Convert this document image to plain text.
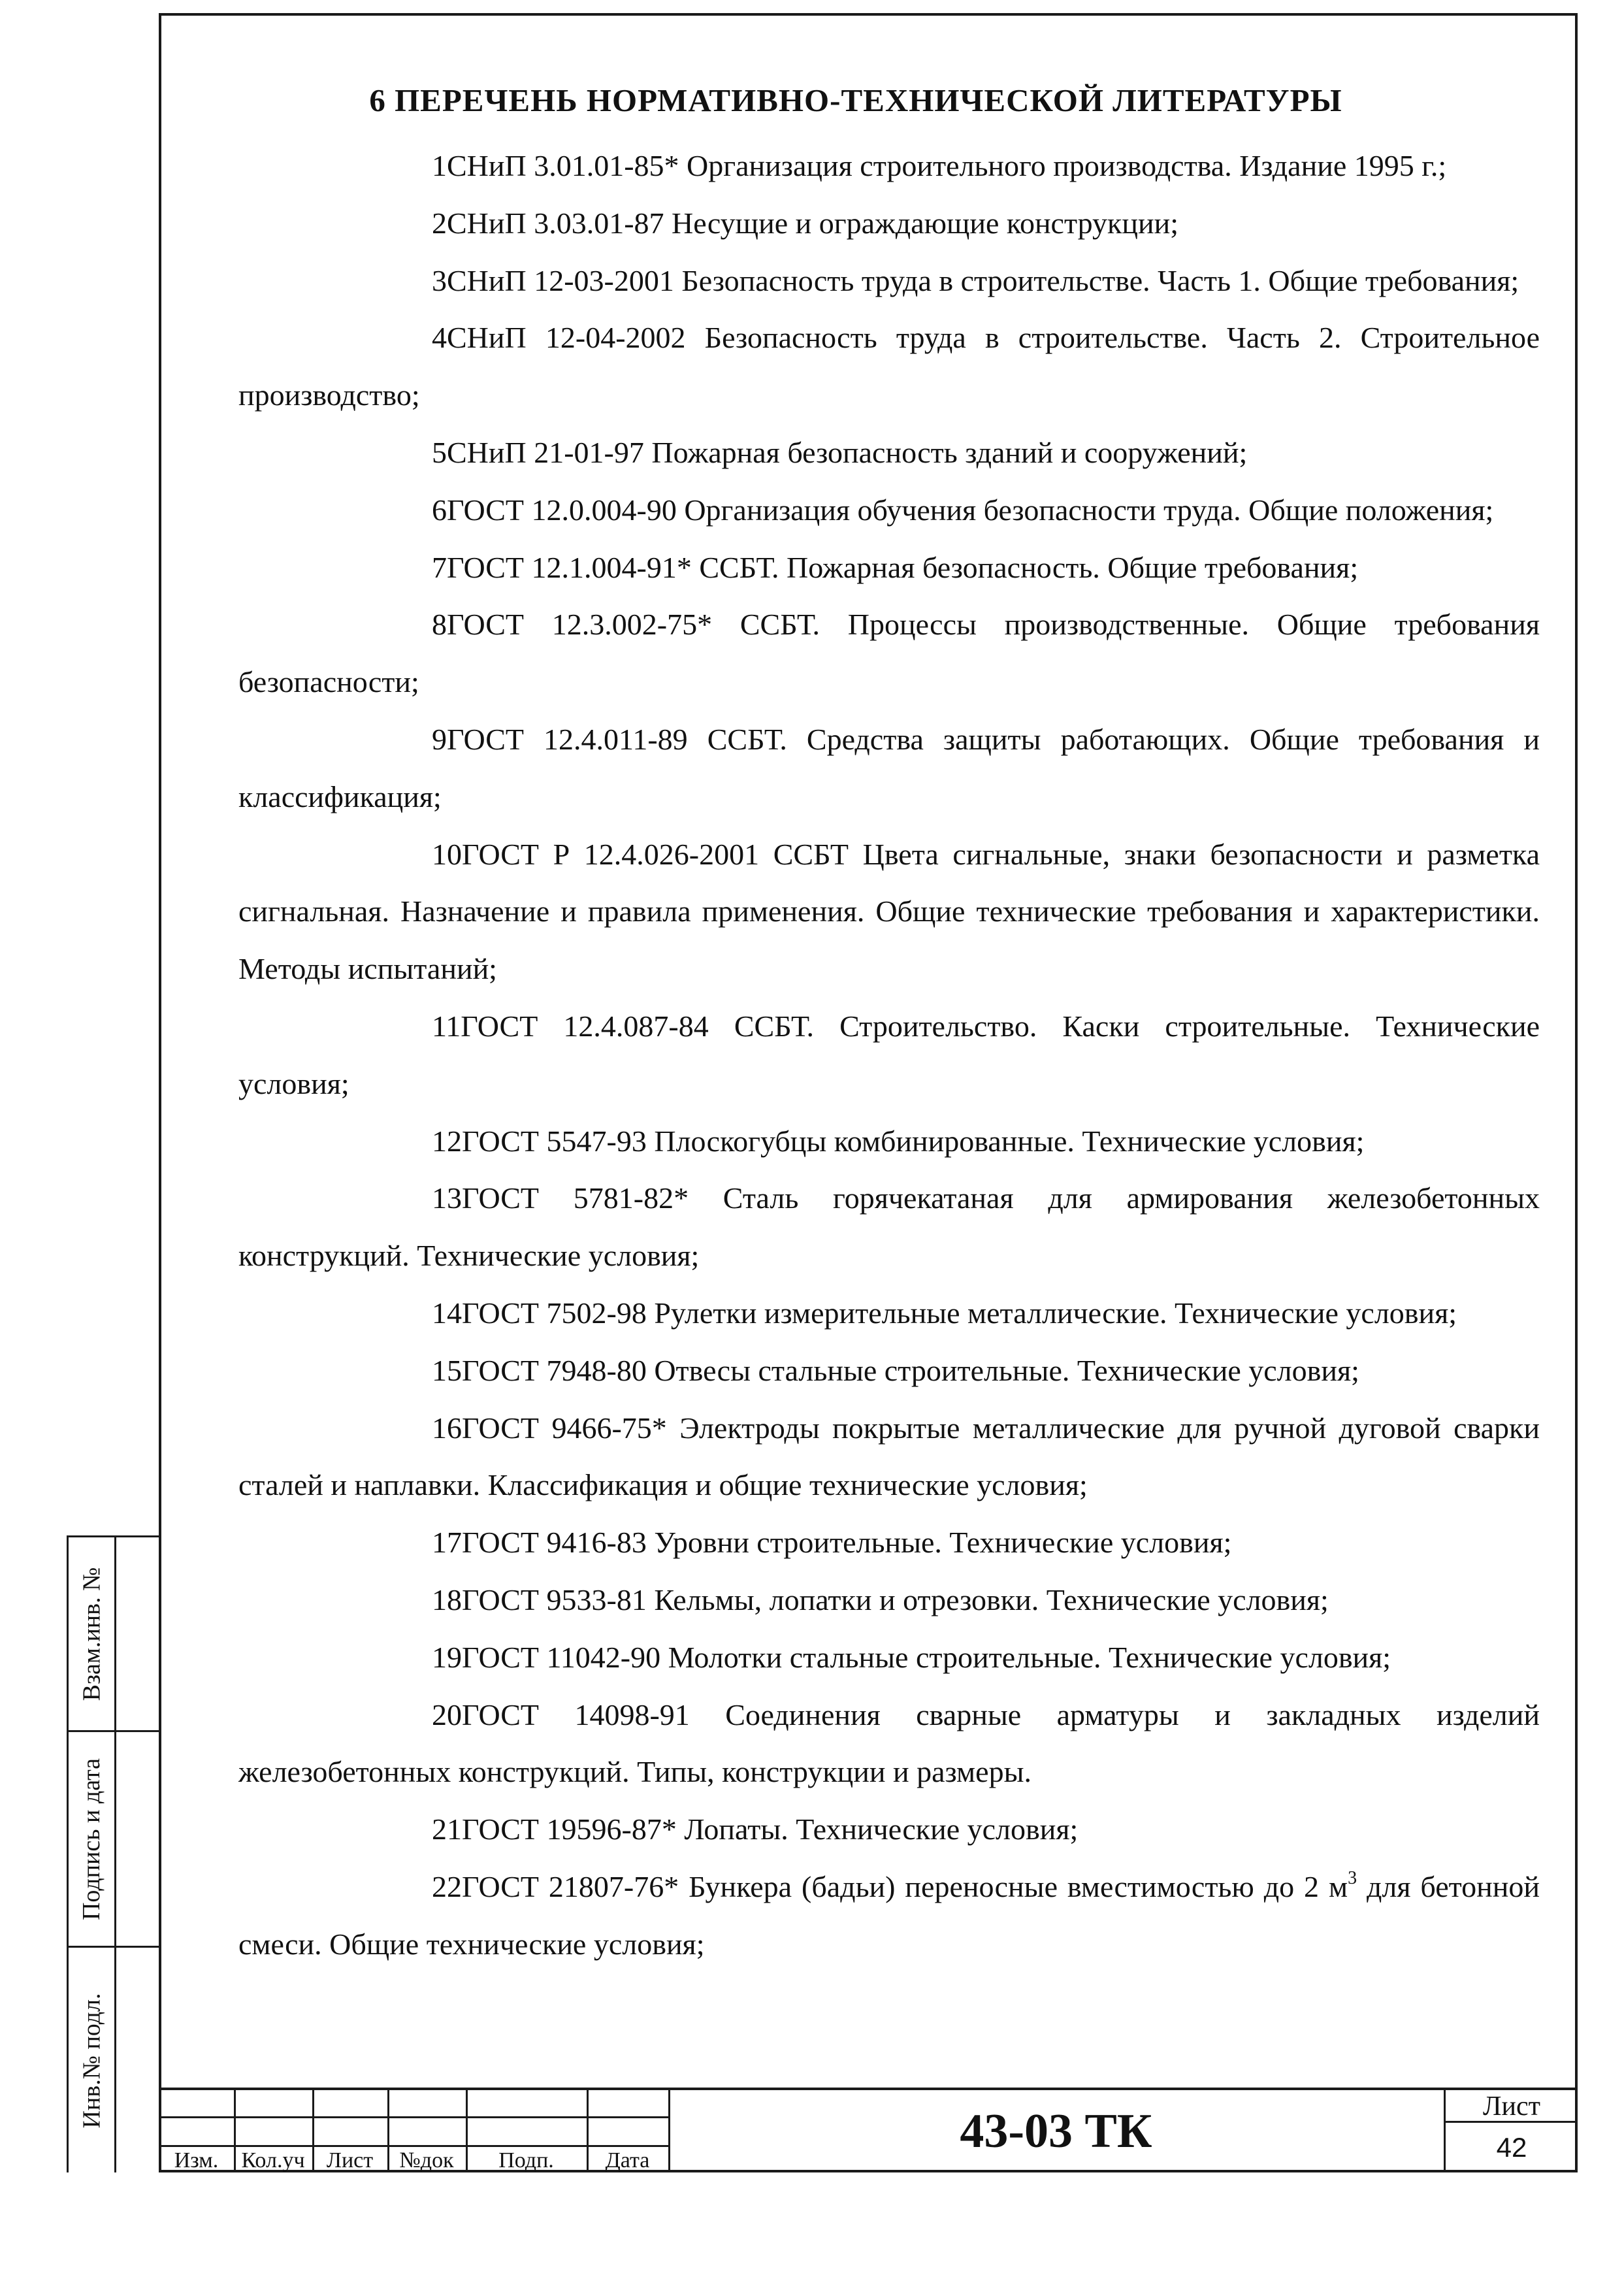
6 ПЕРЕЧЕНЬ НОРМАТИВНО-ТЕХНИЧЕСКОЙ ЛИТЕРАТУРЫ
1СНиП 3.01.01-85* Организация строительного производства. Издание 1995 г.;
2СНиП 3.03.01-87 Несущие и ограждающие конструкции;
3СНиП 12-03-2001 Безопасность труда в строительстве. Часть 1. Общие требования;
4СНиП 12-04-2002 Безопасность труда в строительстве. Часть 2. Строительное производство;
5СНиП 21-01-97 Пожарная безопасность зданий и сооружений;
6ГОСТ 12.0.004-90 Организация обучения безопасности труда. Общие положения;
7ГОСТ 12.1.004-91* ССБТ. Пожарная безопасность. Общие требования;
8ГОСТ 12.3.002-75* ССБТ. Процессы производственные. Общие требования безопасности;
9ГОСТ 12.4.011-89 ССБТ. Средства защиты работающих. Общие требования и классификация;
10ГОСТ Р 12.4.026-2001 ССБТ Цвета сигнальные, знаки безопасности и разметка сигнальная. Назначение и правила применения. Общие технические требования и характеристики. Методы испытаний;
11ГОСТ 12.4.087-84 ССБТ. Строительство. Каски строительные. Технические условия;
12ГОСТ 5547-93 Плоскогубцы комбинированные. Технические условия;
13ГОСТ 5781-82* Сталь горячекатаная для армирования железобетонных конструкций. Технические условия;
14ГОСТ 7502-98 Рулетки измерительные металлические. Технические условия;
15ГОСТ 7948-80 Отвесы стальные строительные. Технические условия;
16ГОСТ 9466-75* Электроды покрытые металлические для ручной дуговой сварки сталей и наплавки. Классификация и общие технические условия;
17ГОСТ 9416-83 Уровни строительные. Технические условия;
18ГОСТ 9533-81 Кельмы, лопатки и отрезовки. Технические условия;
19ГОСТ 11042-90 Молотки стальные строительные. Технические условия;
20ГОСТ 14098-91 Соединения сварные арматуры и закладных изделий железобетонных конструкций. Типы, конструкции и размеры.
21ГОСТ 19596-87* Лопаты. Технические условия;
22ГОСТ 21807-76* Бункера (бадьи) переносные вместимостью до 2 $м^3$ для бетонной смеси. Общие технические условия;
Взам.инв. №
Подпись и дата
Инв.№ подл.
Изм.	Кол.уч Лист	№док	Подп.	Дата
43-03 ТК	Лист
42
